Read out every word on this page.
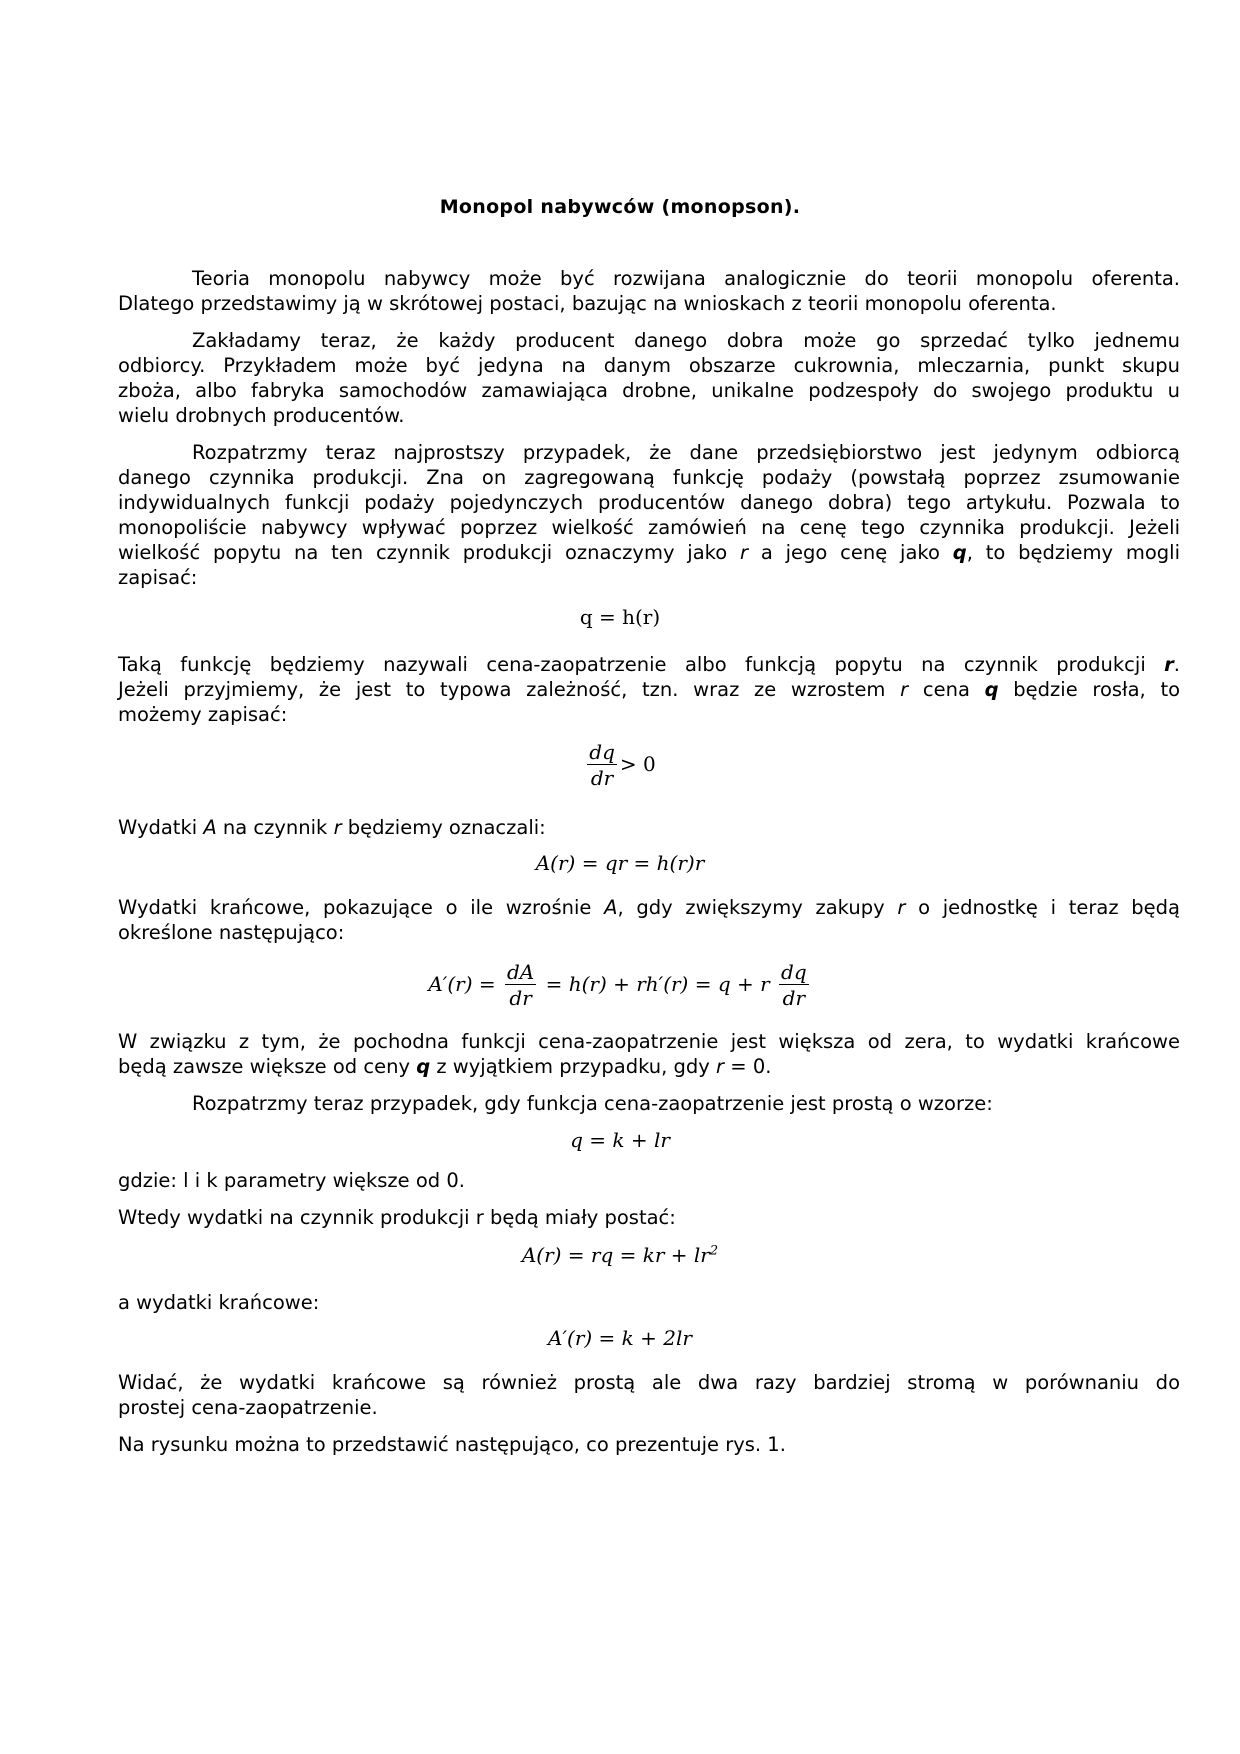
Monopol nabywców (monopson).
Teoria monopolu nabywcy może być rozwijana analogicznie do teorii monopolu oferenta.
Dlatego przedstawimy ją w skrótowej postaci, bazując na wnioskach z teorii monopolu oferenta.
Zakładamy teraz, że każdy producent danego dobra może go sprzedać tylko jednemu
odbiorcy. Przykładem może być jedyna na danym obszarze cukrownia, mleczarnia, punkt skupu
zboża, albo fabryka samochodów zamawiająca drobne, unikalne podzespoły do swojego produktu u
wielu drobnych producentów.
Rozpatrzmy teraz najprostszy przypadek, że dane przedsiębiorstwo jest jedynym odbiorcą
danego czynnika produkcji. Zna on zagregowaną funkcję podaży (powstałą poprzez zsumowanie
indywidualnych funkcji podaży pojedynczych producentów danego dobra) tego artykułu. Pozwala to
monopoliście nabywcy wpływać poprzez wielkość zamówień na cenę tego czynnika produkcji. Jeżeli
wielkość popytu na ten czynnik produkcji oznaczymy jako r a jego cenę jako q, to będziemy mogli
zapisać:
q = h(r)
Taką funkcję będziemy nazywali cena-zaopatrzenie albo funkcją popytu na czynnik produkcji r.
Jeżeli przyjmiemy, że jest to typowa zależność, tzn. wraz ze wzrostem r cena q będzie rosła, to
możemy zapisać:
$\frac{dq}{dr} > 0$
Wydatki A na czynnik r będziemy oznaczali:
A(r) = qr = h(r)r
Wydatki krańcowe, pokazujące o ile wzrośnie A, gdy zwiększymy zakupy r o jednostkę i teraz będą
określone następująco:
$A'(r) = \frac{dA}{dr} = h(r) + rh'(r) = q + r \frac{dq}{dr}$
W związku z tym, że pochodna funkcji cena-zaopatrzenie jest większa od zera, to wydatki krańcowe
będą zawsze większe od ceny q z wyjątkiem przypadku, gdy r = 0.
Rozpatrzmy teraz przypadek, gdy funkcja cena-zaopatrzenie jest prostą o wzorze:
q = k + lr
gdzie: l i k parametry większe od 0.
Wtedy wydatki na czynnik produkcji r będą miały postać:
A(r) = rq = kr + $lr^2$
a wydatki krańcowe:
A′(r) = k + 2lr
Widać, że wydatki krańcowe są również prostą ale dwa razy bardziej stromą w porównaniu do
prostej cena-zaopatrzenie.
Na rysunku można to przedstawić następująco, co prezentuje rys. 1.
